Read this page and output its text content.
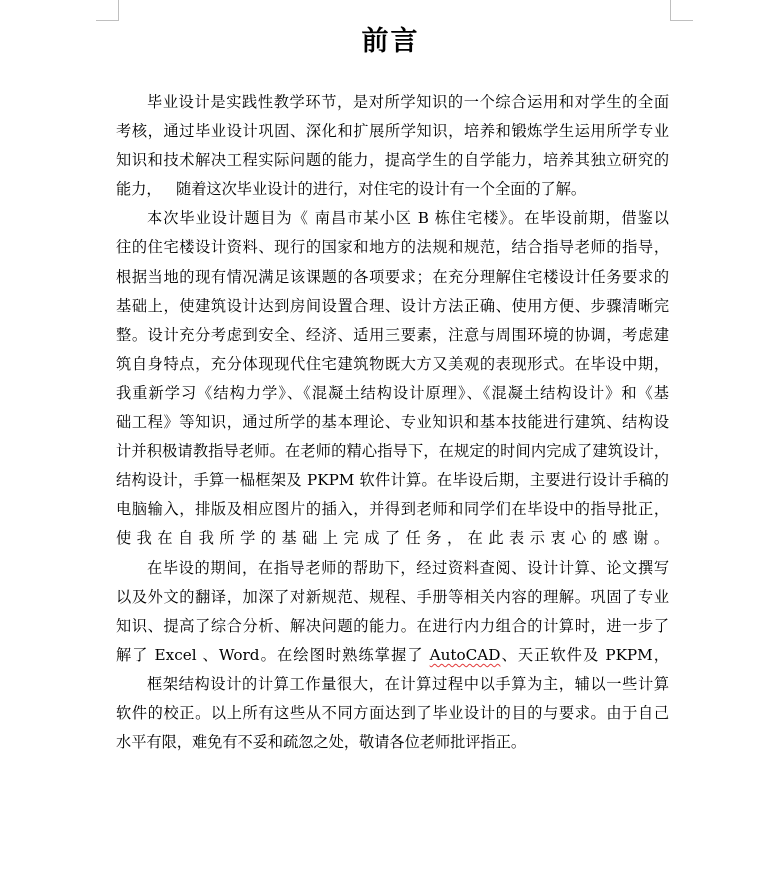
前言
毕业设计是实践性教学环节，是对所学知识的一个综合运用和对学生的全面
考核，通过毕业设计巩固、深化和扩展所学知识，培养和锻炼学生运用所学专业
知识和技术解决工程实际问题的能力，提高学生的自学能力，培养其独立研究的
能力，   随着这次毕业设计的进行，对住宅的设计有一个全面的了解。
本次毕业设计题目为《 南昌市某小区 B 栋住宅楼》。在毕设前期，借鉴以
往的住宅楼设计资料、现行的国家和地方的法规和规范，结合指导老师的指导，
根据当地的现有情况满足该课题的各项要求；在充分理解住宅楼设计任务要求的
基础上，使建筑设计达到房间设置合理、设计方法正确、使用方便、步骤清晰完
整。设计充分考虑到安全、经济、适用三要素，注意与周围环境的协调，考虑建
筑自身特点，充分体现现代住宅建筑物既大方又美观的表现形式。在毕设中期，
我重新学习《结构力学》、《混凝土结构设计原理》、《混凝土结构设计》和《基
础工程》等知识，通过所学的基本理论、专业知识和基本技能进行建筑、结构设
计并积极请教指导老师。在老师的精心指导下，在规定的时间内完成了建筑设计，
结构设计，手算一榀框架及 PKPM 软件计算。在毕设后期，主要进行设计手稿的
电脑输入，排版及相应图片的插入，并得到老师和同学们在毕设中的指导批正，
使我在自我所学的基础上完成了任务，在此表示衷心的感谢。
在毕设的期间，在指导老师的帮助下，经过资料查阅、设计计算、论文撰写
以及外文的翻译，加深了对新规范、规程、手册等相关内容的理解。巩固了专业
知识、提高了综合分析、解决问题的能力。在进行内力组合的计算时，进一步了
解了 Excel 、Word。在绘图时熟练掌握了 AutoCAD、天正软件及 PKPM，
框架结构设计的计算工作量很大，在计算过程中以手算为主，辅以一些计算
软件的校正。以上所有这些从不同方面达到了毕业设计的目的与要求。由于自己
水平有限，难免有不妥和疏忽之处，敬请各位老师批评指正。
